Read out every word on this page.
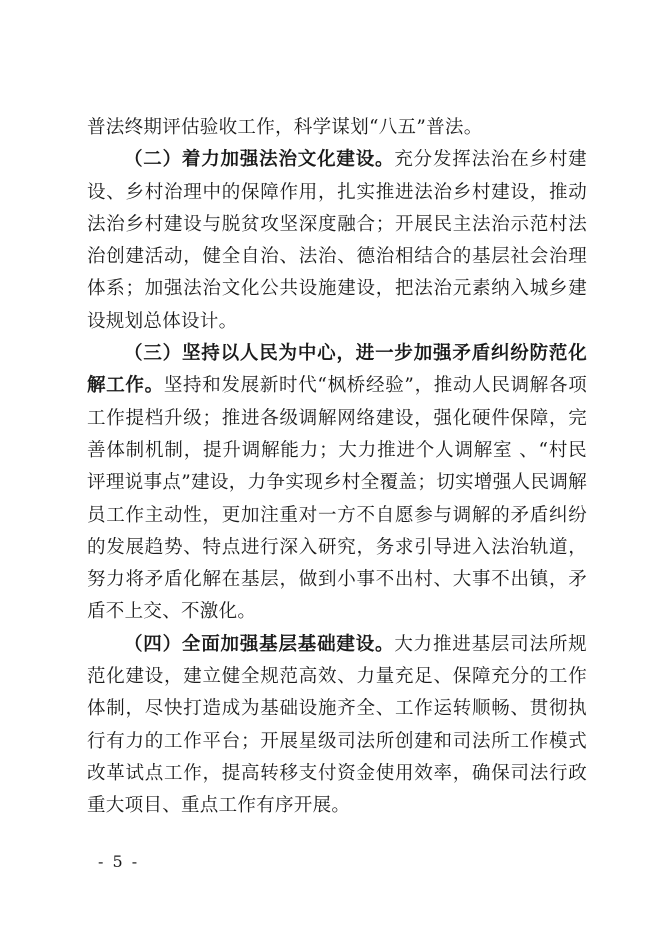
普法终期评估验收工作，科学谋划“八五”普法。

（二）着力加强法治文化建设。充分发挥法治在乡村建设、乡村治理中的保障作用，扎实推进法治乡村建设，推动法治乡村建设与脱贫攻坚深度融合；开展民主法治示范村法治创建活动，健全自治、法治、德治相结合的基层社会治理体系；加强法治文化公共设施建设，把法治元素纳入城乡建设规划总体设计。

（三）坚持以人民为中心，进一步加强矛盾纠纷防范化解工作。坚持和发展新时代“枫桥经验”，推动人民调解各项工作提档升级；推进各级调解网络建设，强化硬件保障，完善体制机制，提升调解能力；大力推进个人调解室 、“村民评理说事点”建设，力争实现乡村全覆盖；切实增强人民调解员工作主动性，更加注重对一方不自愿参与调解的矛盾纠纷的发展趋势、特点进行深入研究，务求引导进入法治轨道，努力将矛盾化解在基层，做到小事不出村、大事不出镇，矛盾不上交、不激化。

（四）全面加强基层基础建设。大力推进基层司法所规范化建设，建立健全规范高效、力量充足、保障充分的工作体制，尽快打造成为基础设施齐全、工作运转顺畅、贯彻执行有力的工作平台；开展星级司法所创建和司法所工作模式改革试点工作，提高转移支付资金使用效率，确保司法行政重大项目、重点工作有序开展。

- 5 -
